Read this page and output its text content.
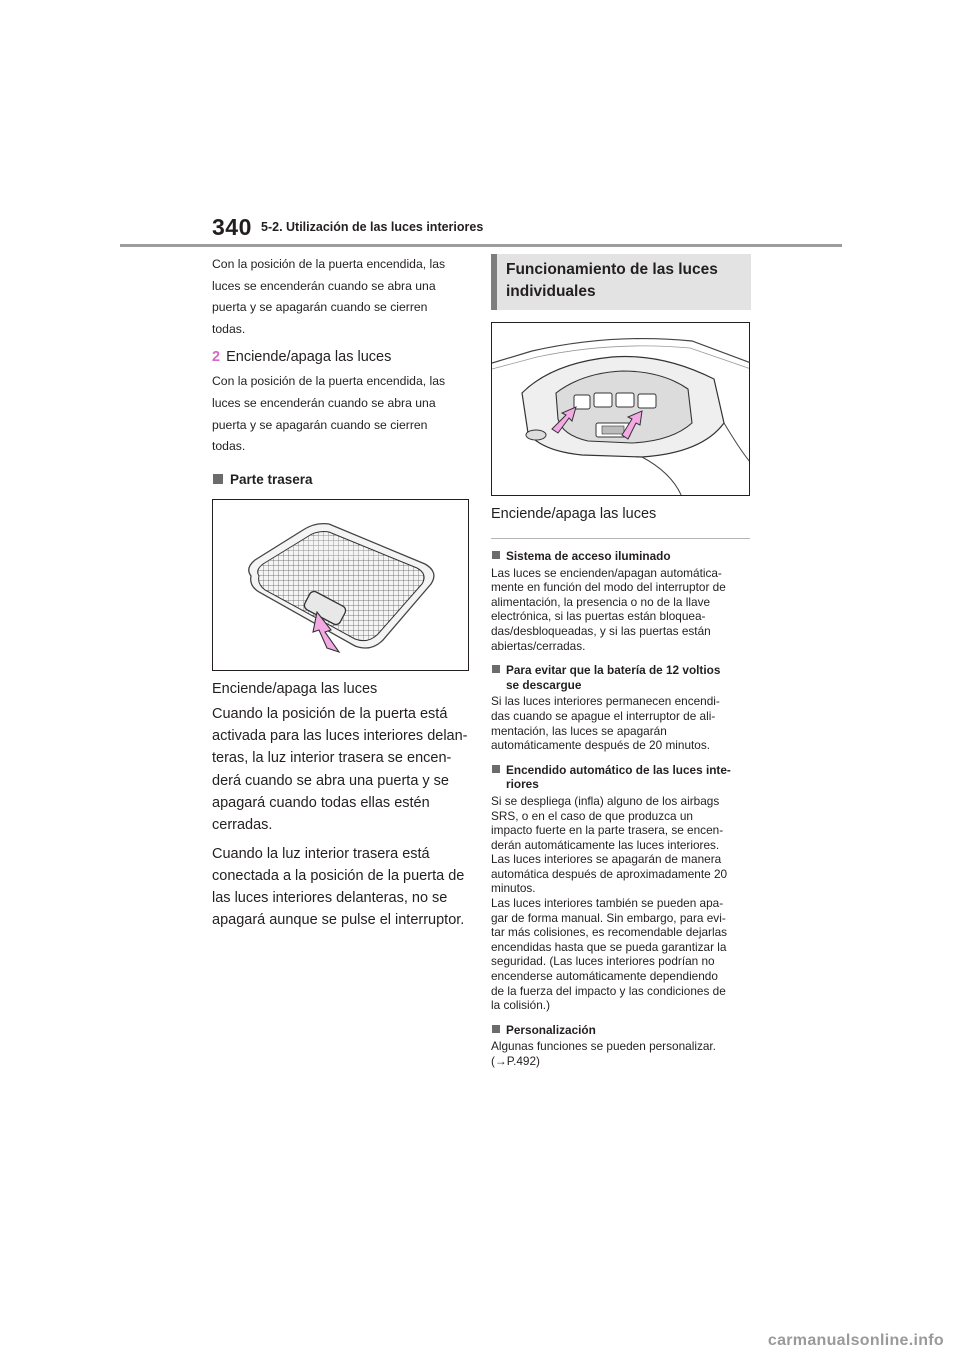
340 5-2. Utilización de las luces interiores
Con la posición de la puerta encendida, las
luces se encenderán cuando se abra una
puerta y se apagarán cuando se cierren
todas.
2 Enciende/apaga las luces
Con la posición de la puerta encendida, las
luces se encenderán cuando se abra una
puerta y se apagarán cuando se cierren
todas.
Parte trasera
Enciende/apaga las luces
Cuando la posición de la puerta está
activada para las luces interiores delan-
teras, la luz interior trasera se encen-
derá cuando se abra una puerta y se
apagará cuando todas ellas estén
cerradas.
Cuando la luz interior trasera está
conectada a la posición de la puerta de
las luces interiores delanteras, no se
apagará aunque se pulse el interruptor.
Funcionamiento de las luces
individuales
Enciende/apaga las luces
Sistema de acceso iluminado
Las luces se encienden/apagan automática-
mente en función del modo del interruptor de
alimentación, la presencia o no de la llave
electrónica, si las puertas están bloquea-
das/desbloqueadas, y si las puertas están
abiertas/cerradas.
Para evitar que la batería de 12 voltios
se descargue
Si las luces interiores permanecen encendi-
das cuando se apague el interruptor de ali-
mentación, las luces se apagarán
automáticamente después de 20 minutos.
Encendido automático de las luces inte-
riores
Si se despliega (infla) alguno de los airbags
SRS, o en el caso de que produzca un
impacto fuerte en la parte trasera, se encen-
derán automáticamente las luces interiores.
Las luces interiores se apagarán de manera
automática después de aproximadamente 20
minutos.
Las luces interiores también se pueden apa-
gar de forma manual. Sin embargo, para evi-
tar más colisiones, es recomendable dejarlas
encendidas hasta que se pueda garantizar la
seguridad. (Las luces interiores podrían no
encenderse automáticamente dependiendo
de la fuerza del impacto y las condiciones de
la colisión.)
Personalización
Algunas funciones se pueden personalizar.
(→P.492)
carmanualsonline.info
